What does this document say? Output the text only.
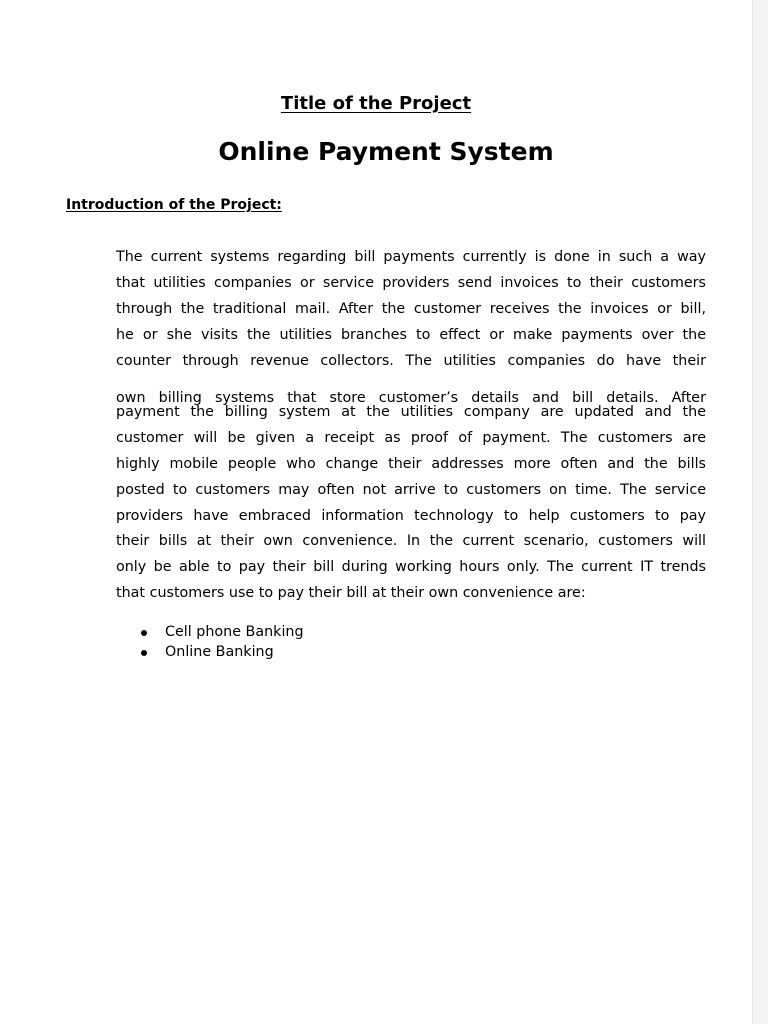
Title of the Project
Online Payment System
Introduction of the Project:
The current systems regarding bill payments currently is done in such a way
that utilities companies or service providers send invoices to their customers
through the traditional mail. After the customer receives the invoices or bill,
he or she visits the utilities branches to effect or make payments over the
counter through revenue collectors. The utilities companies do have their
own billing systems that store customer’s details and bill details. After
payment the billing system at the utilities company are updated and the
customer will be given a receipt as proof of payment. The customers are
highly mobile people who change their addresses more often and the bills
posted to customers may often not arrive to customers on time. The service
providers have embraced information technology to help customers to pay
their bills at their own convenience. In the current scenario, customers will
only be able to pay their bill during working hours only. The current IT trends
that customers use to pay their bill at their own convenience are:
Cell phone Banking
Online Banking
